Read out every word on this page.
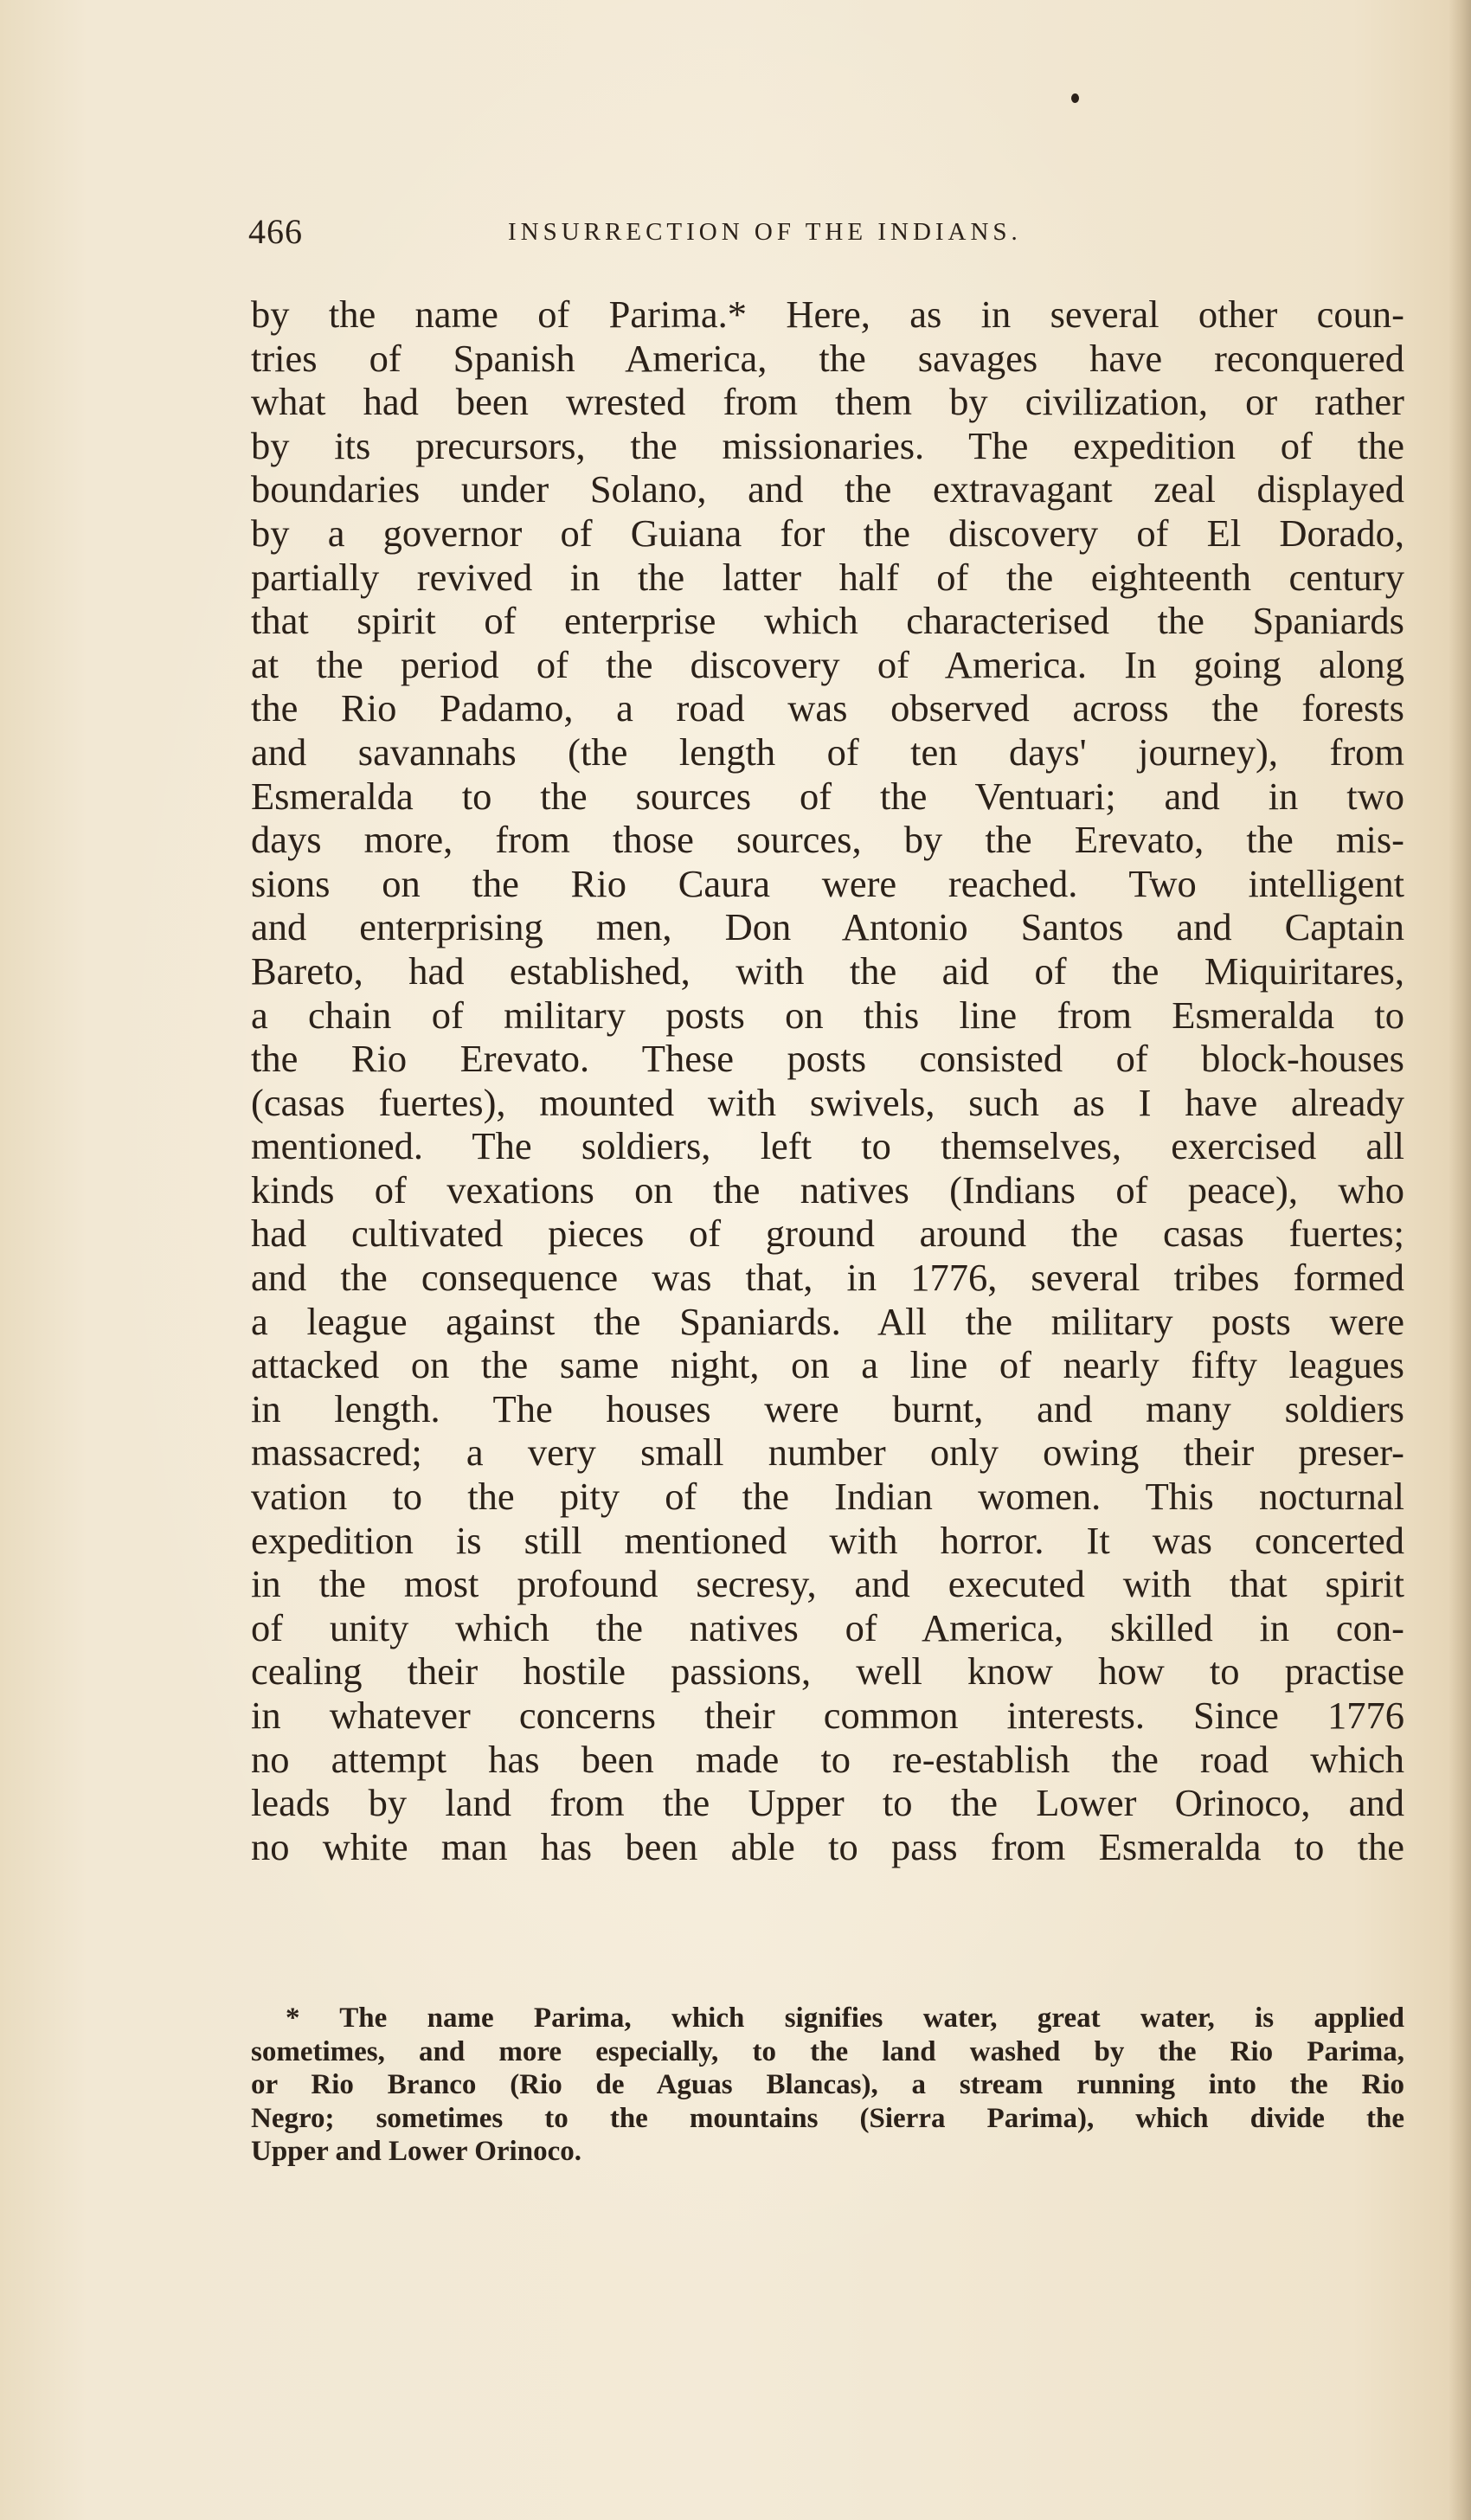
466	INSURRECTION OF THE INDIANS.
by the name of Parima.* Here, as in several other coun-
tries of Spanish America, the savages have reconquered
what had been wrested from them by civilization, or rather
by its precursors, the missionaries. The expedition of the
boundaries under Solano, and the extravagant zeal displayed
by a governor of Guiana for the discovery of El Dorado,
partially revived in the latter half of the eighteenth century
that spirit of enterprise which characterised the Spaniards
at the period of the discovery of America. In going along
the Rio Padamo, a road was observed across the forests
and savannahs (the length of ten days' journey), from
Esmeralda to the sources of the Ventuari; and in two
days more, from those sources, by the Erevato, the mis-
sions on the Rio Caura were reached. Two intelligent
and enterprising men, Don Antonio Santos and Captain
Bareto, had established, with the aid of the Miquiritares,
a chain of military posts on this line from Esmeralda to
the Rio Erevato. These posts consisted of block-houses
(casas fuertes), mounted with swivels, such as I have already
mentioned. The soldiers, left to themselves, exercised all
kinds of vexations on the natives (Indians of peace), who
had cultivated pieces of ground around the casas fuertes;
and the consequence was that, in 1776, several tribes formed
a league against the Spaniards. All the military posts were
attacked on the same night, on a line of nearly fifty leagues
in length. The houses were burnt, and many soldiers
massacred; a very small number only owing their preser-
vation to the pity of the Indian women. This nocturnal
expedition is still mentioned with horror. It was concerted
in the most profound secresy, and executed with that spirit
of unity which the natives of America, skilled in con-
cealing their hostile passions, well know how to practise
in whatever concerns their common interests. Since 1776
no attempt has been made to re-establish the road which
leads by land from the Upper to the Lower Orinoco, and
no white man has been able to pass from Esmeralda to the
* The name Parima, which signifies water, great water, is applied
sometimes, and more especially, to the land washed by the Rio Parima,
or Rio Branco (Rio de Aguas Blancas), a stream running into the Rio
Negro; sometimes to the mountains (Sierra Parima), which divide the
Upper and Lower Orinoco.
